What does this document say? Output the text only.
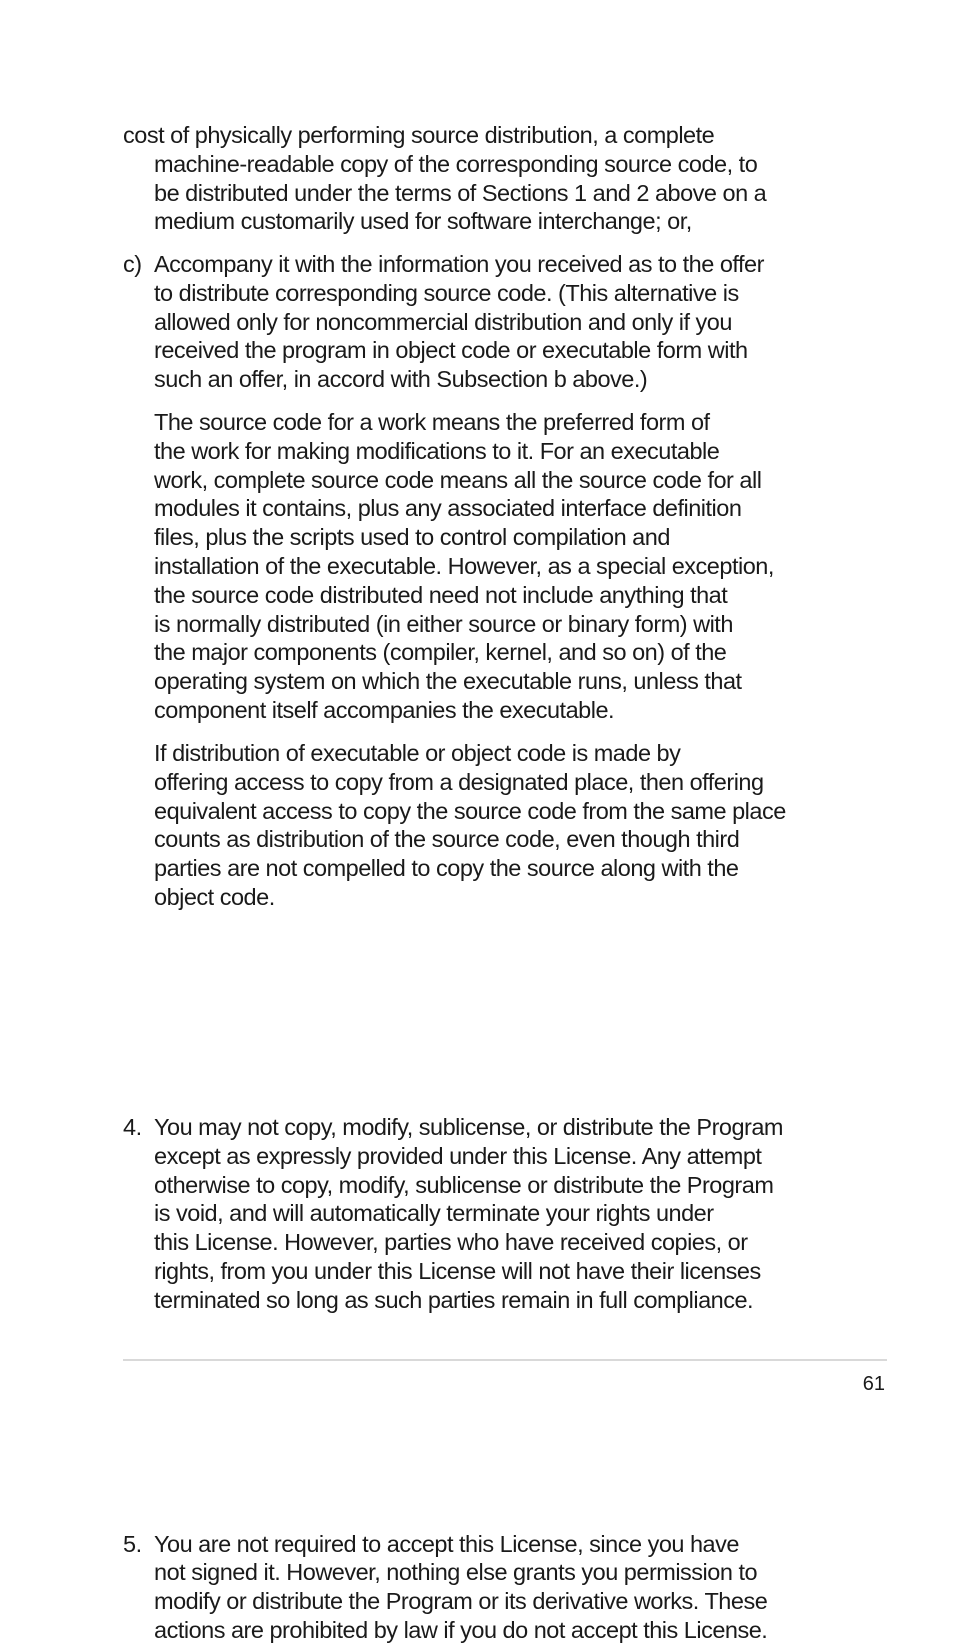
cost of physically performing source distribution, a complete
machine-readable copy of the corresponding source code, to
be distributed under the terms of Sections 1 and 2 above on a
medium customarily used for software interchange; or,
c) Accompany it with the information you received as to the offer
to distribute corresponding source code. (This alternative is
allowed only for noncommercial distribution and only if you
received the program in object code or executable form with
such an offer, in accord with Subsection b above.)
The source code for a work means the preferred form of
the work for making modifications to it. For an executable
work, complete source code means all the source code for all
modules it contains, plus any associated interface definition
files, plus the scripts used to control compilation and
installation of the executable. However, as a special exception,
the source code distributed need not include anything that
is normally distributed (in either source or binary form) with
the major components (compiler, kernel, and so on) of the
operating system on which the executable runs, unless that
component itself accompanies the executable.
If distribution of executable or object code is made by
offering access to copy from a designated place, then offering
equivalent access to copy the source code from the same place
counts as distribution of the source code, even though third
parties are not compelled to copy the source along with the
object code.
4. You may not copy, modify, sublicense, or distribute the Program
except as expressly provided under this License. Any attempt
otherwise to copy, modify, sublicense or distribute the Program
is void, and will automatically terminate your rights under
this License. However, parties who have received copies, or
rights, from you under this License will not have their licenses
terminated so long as such parties remain in full compliance.
5. You are not required to accept this License, since you have
not signed it. However, nothing else grants you permission to
modify or distribute the Program or its derivative works. These
actions are prohibited by law if you do not accept this License.
61
